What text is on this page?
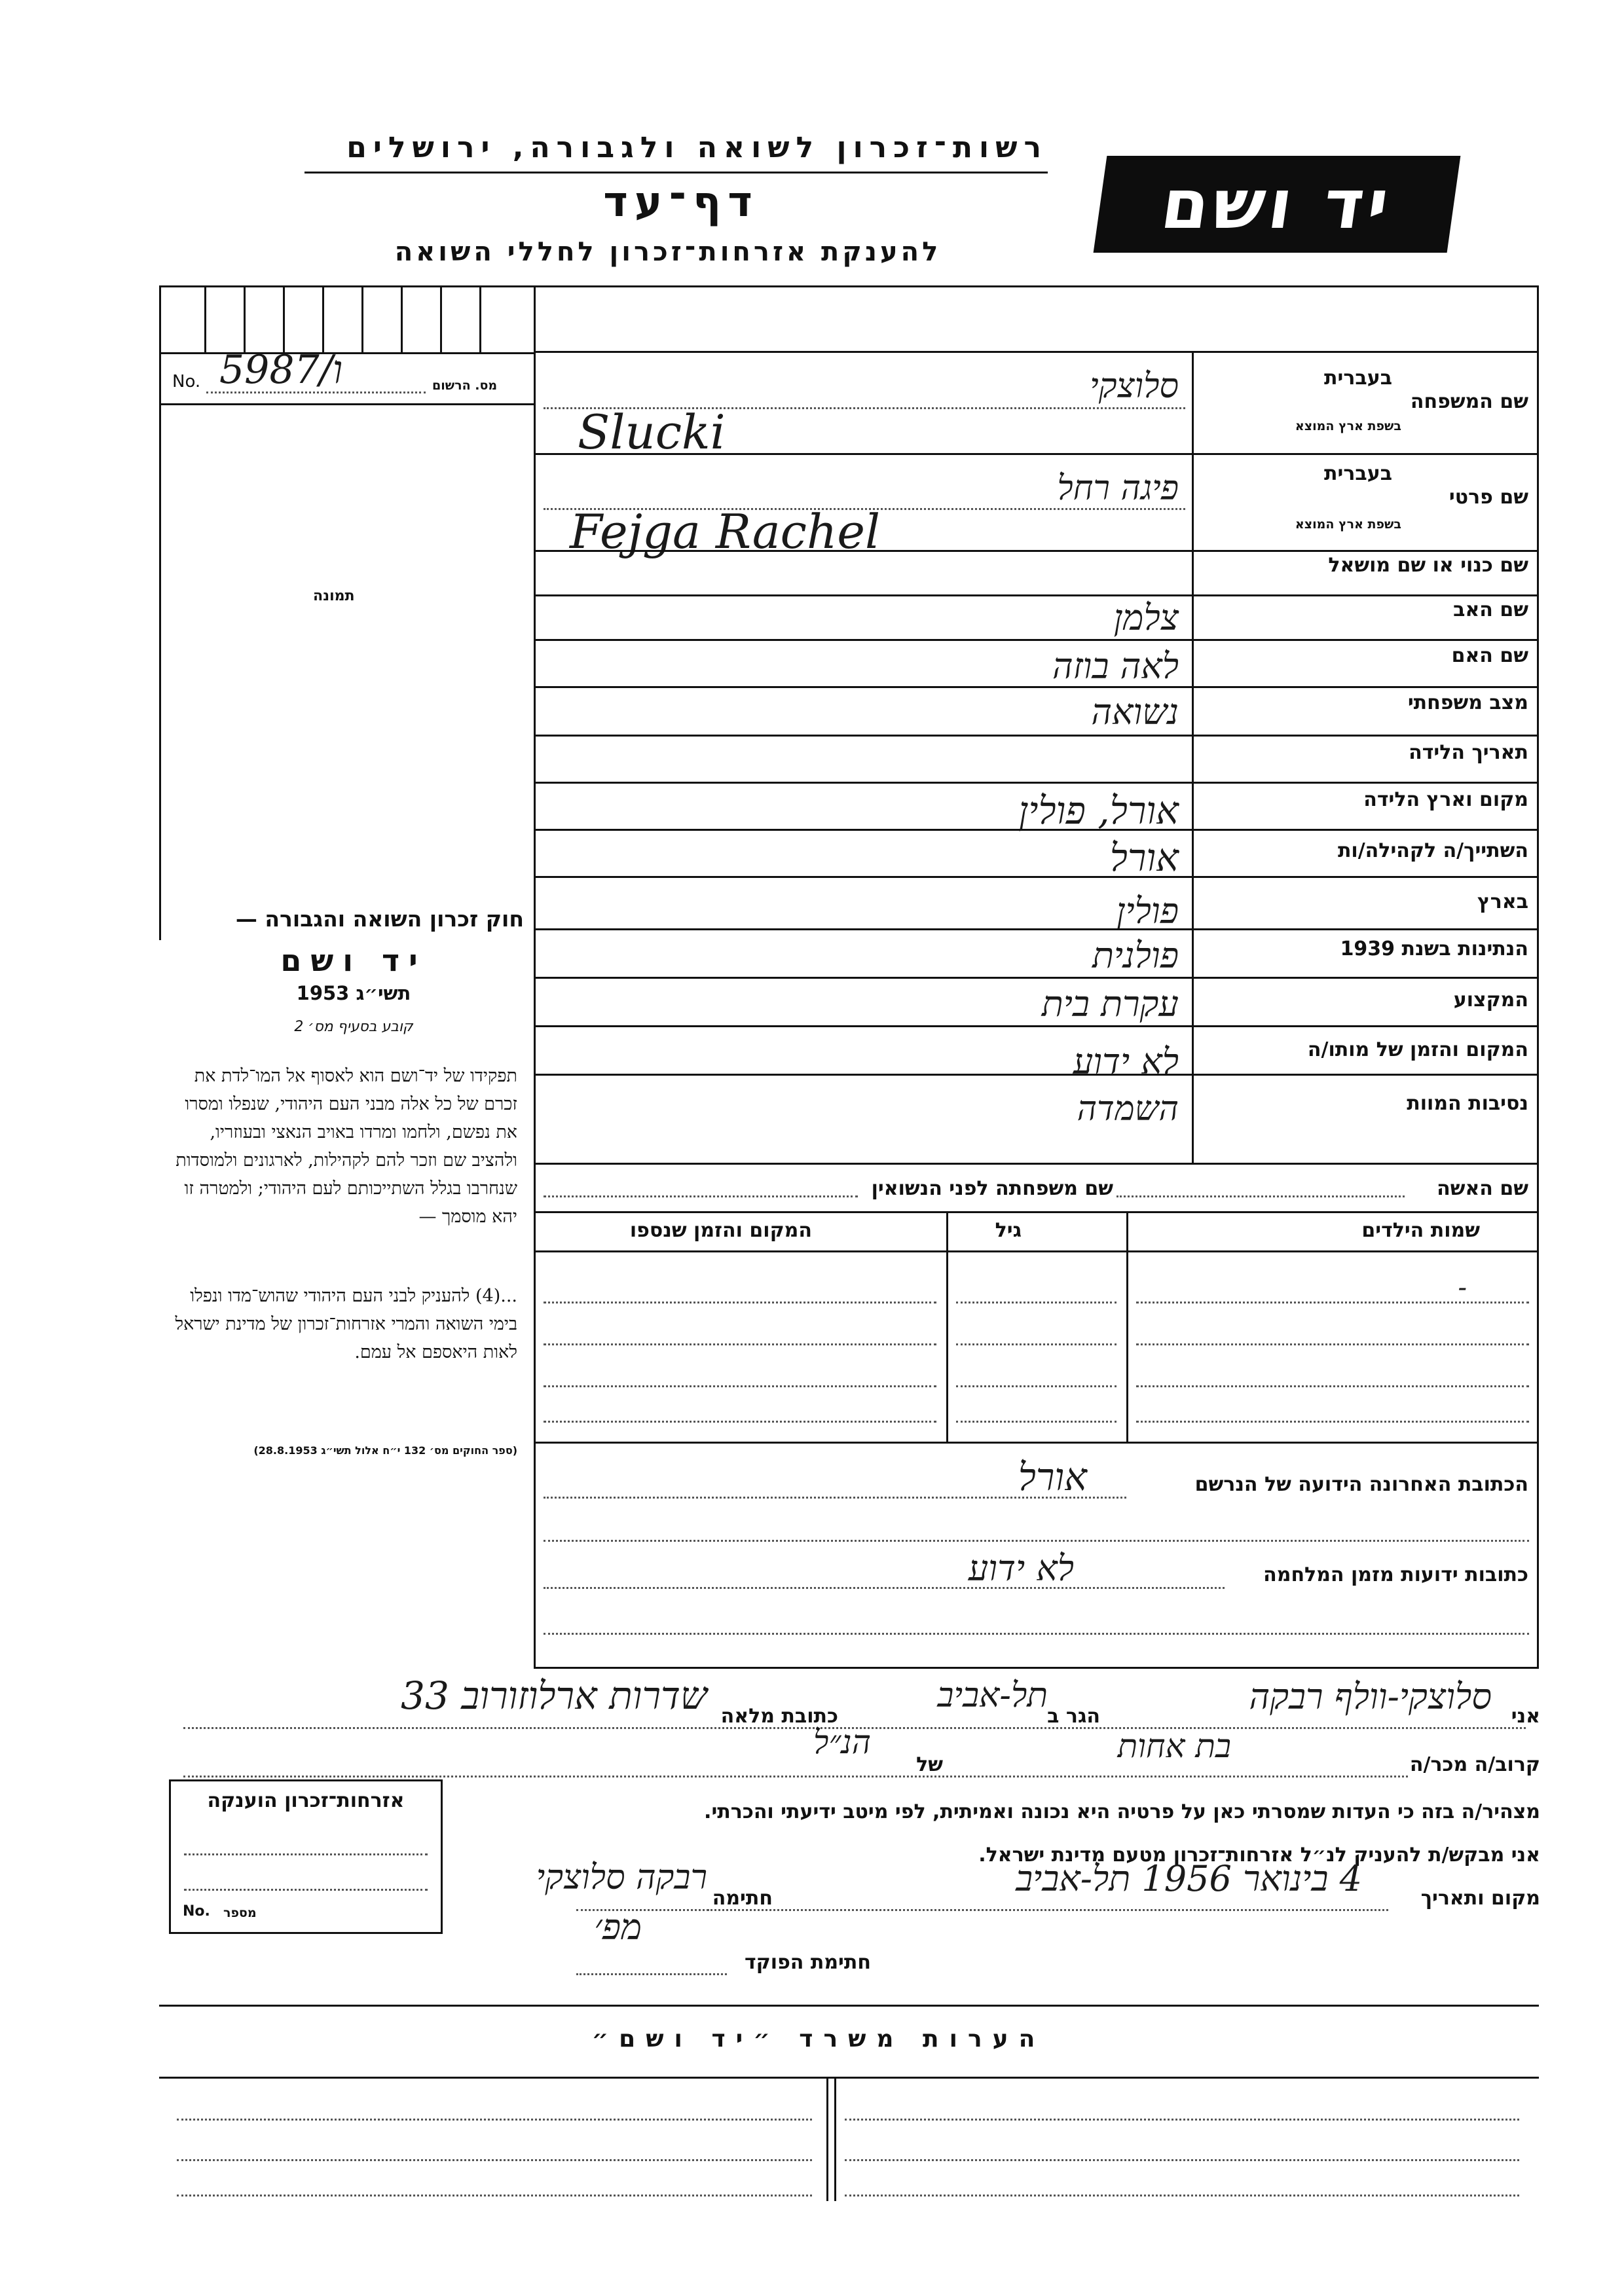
רשות־זכרון לשואה ולגבורה, ירושלים
דף־עד
להענקת אזרחות־זכרון לחללי השואה
יד ושם
No. 5987/ו	מס. הרשום
תמונה
שם המשפחה
בעברית
בשפת ארץ המוצא
סלוצקי
Slucki
שם פרטי
בעברית
בשפת ארץ המוצא
פיגה רחל
Fejga Rachel
שם כנוי או שם מושאל
שם האב
צלמן
שם האם
לאה בוזה
מצב משפחתי
נשואה
תאריך הלידה
מקום וארץ הלידה
אורל, פולין
השתייך/ה לקהילה/ות
אורל
בארץ
פולין
הנתינות בשנת 1939
פולנית
המקצוע
עקרת בית
המקום והזמן של מותו/ה
לא ידוע
נסיבות המוות
השמדה
חוק זכרון השואה והגבורה —
יד ושם
תשי״ג 1953
קובע בסעיף מס׳ 2
תפקידו של יד־ושם הוא לאסוף אל המו־לדת את זכרם של כל אלה מבני העם היהודי, שנפלו ומסרו את נפשם, ולחמו ומרדו באויב הנאצי ובעוזריו, ולהציב שם וזכר להם לקהילות, לארגונים ולמוסדות שנחרבו בגלל השתייכותם לעם היהודי; ולמטרה זו יהא מוסמך —
...(4) להעניק לבני העם היהודי שהוש־מדו ונפלו בימי השואה והמרי אזרחות־זכרון של מדינת ישראל לאות היאספם אל עמם.
(ספר החוקים מס׳ 132 י״ח אלול תשי״ג 28.8.1953)
שם האשה
שם משפחתה לפני הנשואין
שמות הילדים
גיל
המקום והזמן שנספו
-
הכתובת האחרונה הידועה של הנרשם
אורל
כתובות ידועות מזמן המלחמה
לא ידוע
אני
סלוצקי-וולף רבקה
הגר ב
תל-אביב
כתובת מלאה
שדרות ארלוזורוב 33
קרוב/ה מכר/ה
בת אחות
של
הנ״ל
מצהיר/ה בזה כי העדות שמסרתי כאן על פרטיה היא נכונה ואמיתית, לפי מיטב ידיעתי והכרתי.
אני מבקש/ת להעניק לנ״ל אזרחות־זכרון מטעם מדינת ישראל.
מקום ותאריך
4 בינואר 1956 תל-אביב
חתימה
רבקה סלוצקי
מפ׳
חתימת הפוקד
אזרחות־זכרון הוענקה
No. מספר
הערות משרד ״יד ושם״
